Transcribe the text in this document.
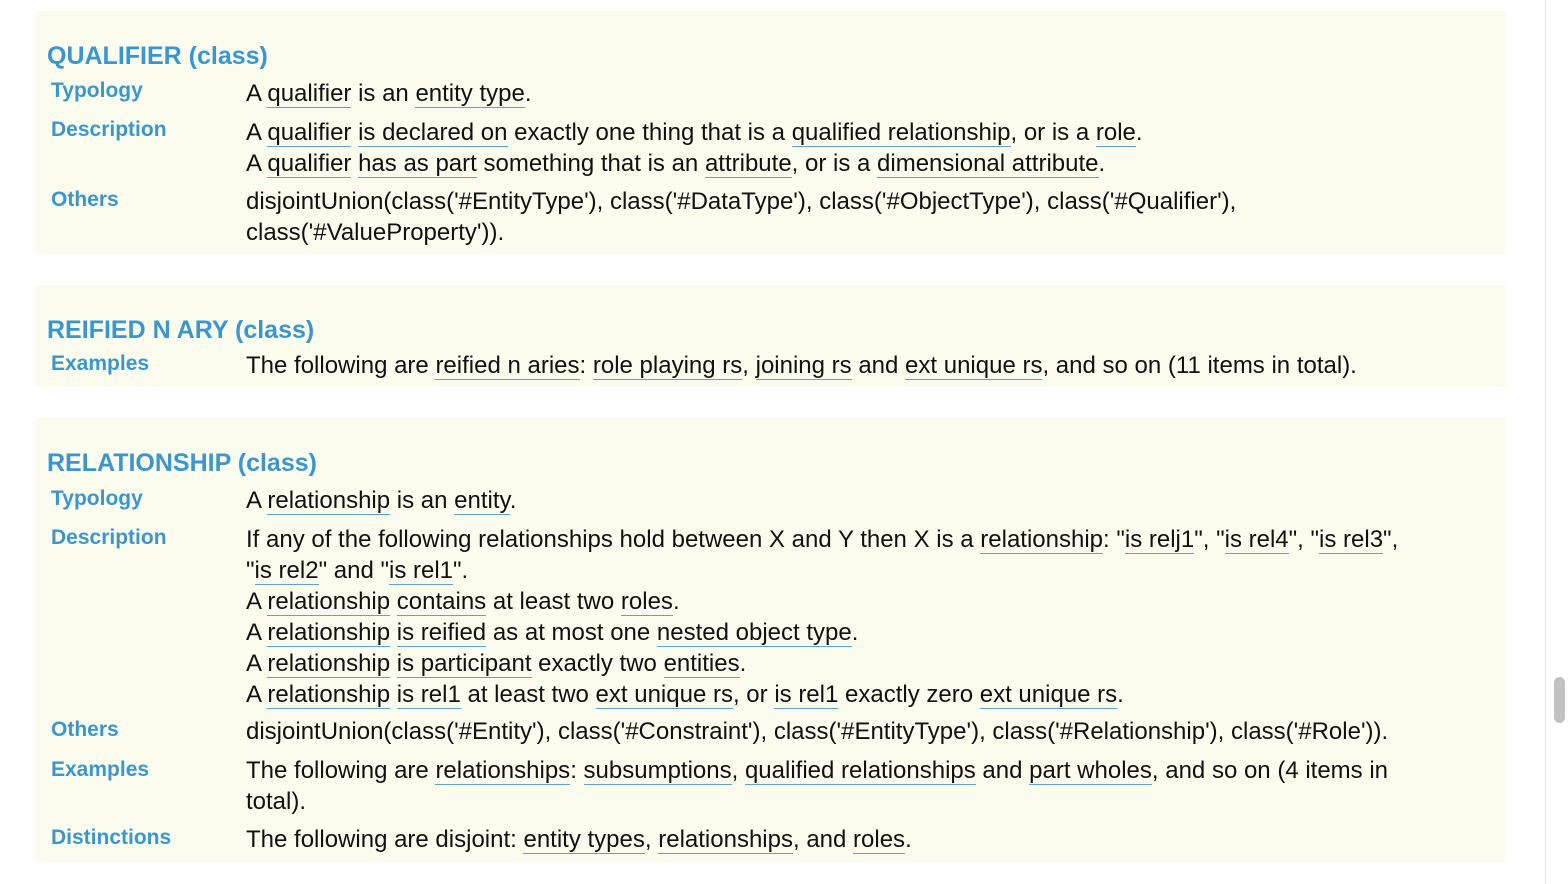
QUALIFIER (class)
Typology	A qualifier is an entity type.
Description	A qualifier is declared on exactly one thing that is a qualified relationship, or is a role.
A qualifier has as part something that is an attribute, or is a dimensional attribute.
Others	disjointUnion(class('#EntityType'), class('#DataType'), class('#ObjectType'), class('#Qualifier'),
class('#ValueProperty')).
REIFIED N ARY (class)
Examples	The following are reified n aries: role playing rs, joining rs and ext unique rs, and so on (11 items in total).
RELATIONSHIP (class)
Typology	A relationship is an entity.
Description	If any of the following relationships hold between X and Y then X is a relationship: "is relj1", "is rel4", "is rel3",
"is rel2" and "is rel1".
A relationship contains at least two roles.
A relationship is reified as at most one nested object type.
A relationship is participant exactly two entities.
A relationship is rel1 at least two ext unique rs, or is rel1 exactly zero ext unique rs.
Others	disjointUnion(class('#Entity'), class('#Constraint'), class('#EntityType'), class('#Relationship'), class('#Role')).
Examples	The following are relationships: subsumptions, qualified relationships and part wholes, and so on (4 items in
total).
Distinctions	The following are disjoint: entity types, relationships, and roles.
